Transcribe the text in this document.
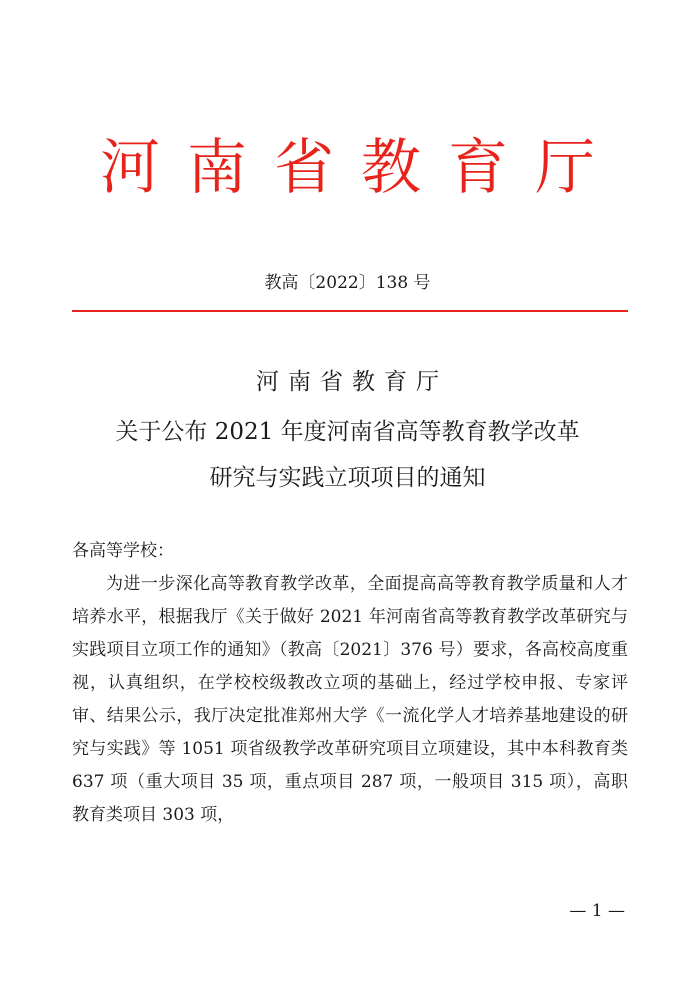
河南省教育厅
教高〔2022〕138 号
河南省教育厅
关于公布 2021 年度河南省高等教育教学改革
研究与实践立项项目的通知
各高等学校：

为进一步深化高等教育教学改革，全面提高高等教育教学质量和人才培养水平，根据我厅《关于做好 2021 年河南省高等教育教学改革研究与实践项目立项工作的通知》（教高〔2021〕376 号）要求，各高校高度重视，认真组织，在学校校级教改立项的基础上，经过学校申报、专家评审、结果公示，我厅决定批准郑州大学《一流化学人才培养基地建设的研究与实践》等 1051 项省级教学改革研究项目立项建设，其中本科教育类 637 项（重大项目 35 项，重点项目 287 项，一般项目 315 项），高职教育类项目 303 项，

— 1 —
